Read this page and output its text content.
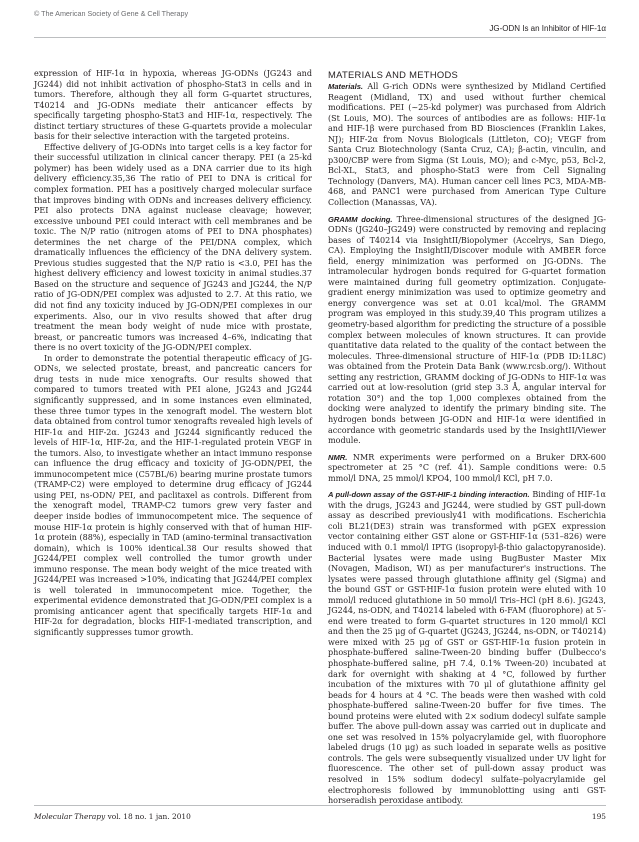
© The American Society of Gene & Cell Therapy
JG-ODN Is an Inhibitor of HIF-1α

expression of HIF-1α in hypoxia, whereas JG-ODNs (JG243 and JG244) did not inhibit activation of phospho-Stat3 in cells and in tumors. Therefore, although they all form G-quartet structures, T40214 and JG-ODNs mediate their anticancer effects by specifically targeting phospho-Stat3 and HIF-1α, respectively. The distinct tertiary structures of these G-quartets provide a molecular basis for their selective interaction with the targeted proteins.

Effective delivery of JG-ODNs into target cells is a key factor for their successful utilization in clinical cancer therapy. PEI (a 25-kd polymer) has been widely used as a DNA carrier due to its high delivery efficiency.35,36 The ratio of PEI to DNA is critical for complex formation. PEI has a positively charged molecular surface that improves binding with ODNs and increases delivery efficiency. PEI also protects DNA against nuclease cleavage; however, excessive unbound PEI could interact with cell membranes and be toxic. The N/P ratio (nitrogen atoms of PEI to DNA phosphates) determines the net charge of the PEI/DNA complex, which dramatically influences the efficiency of the DNA delivery system. Previous studies suggested that the N/P ratio is <3.0, PEI has the highest delivery efficiency and lowest toxicity in animal studies.37 Based on the structure and sequence of JG243 and JG244, the N/P ratio of JG-ODN/PEI complex was adjusted to 2.7. At this ratio, we did not find any toxicity induced by JG-ODN/PEI complexes in our experiments. Also, our in vivo results showed that after drug treatment the mean body weight of nude mice with prostate, breast, or pancreatic tumors was increased 4–6%, indicating that there is no overt toxicity of the JG-ODN/PEI complex.

In order to demonstrate the potential therapeutic efficacy of JG-ODNs, we selected prostate, breast, and pancreatic cancers for drug tests in nude mice xenografts. Our results showed that compared to tumors treated with PEI alone, JG243 and JG244 significantly suppressed, and in some instances even eliminated, these three tumor types in the xenograft model. The western blot data obtained from control tumor xenografts revealed high levels of HIF-1α and HIF-2α. JG243 and JG244 significantly reduced the levels of HIF-1α, HIF-2α, and the HIF-1-regulated protein VEGF in the tumors. Also, to investigate whether an intact immuno response can influence the drug efficacy and toxicity of JG-ODN/PEI, the immunocompetent mice (C57BL/6) bearing murine prostate tumors (TRAMP-C2) were employed to determine drug efficacy of JG244 using PEI, ns-ODN/ PEI, and paclitaxel as controls. Different from the xenograft model, TRAMP-C2 tumors grew very faster and deeper inside bodies of immunocompetent mice. The sequence of mouse HIF-1α protein is highly conserved with that of human HIF-1α protein (88%), especially in TAD (amino-terminal transactivation domain), which is 100% identical.38 Our results showed that JG244/PEI complex well controlled the tumor growth under immuno response. The mean body weight of the mice treated with JG244/PEI was increased >10%, indicating that JG244/PEI complex is well tolerated in immunocompetent mice. Together, the experimental evidence demonstrated that JG-ODN/PEI complex is a promising anticancer agent that specifically targets HIF-1α and HIF-2α for degradation, blocks HIF-1-mediated transcription, and significantly suppresses tumor growth.

MATERIALS AND METHODS

Materials. All G-rich ODNs were synthesized by Midland Certified Reagent (Midland, TX) and used without further chemical modifications. PEI (~25-kd polymer) was purchased from Aldrich (St Louis, MO). The sources of antibodies are as follows: HIF-1α and HIF-1β were purchased from BD Biosciences (Franklin Lakes, NJ); HIF-2α from Novus Biologicals (Littleton, CO); VEGF from Santa Cruz Biotechnology (Santa Cruz, CA); β-actin, vinculin, and p300/CBP were from Sigma (St Louis, MO); and c-Myc, p53, Bcl-2, Bcl-XL, Stat3, and phospho-Stat3 were from Cell Signaling Technology (Danvers, MA). Human cancer cell lines PC3, MDA-MB-468, and PANC1 were purchased from American Type Culture Collection (Manassas, VA).

GRAMM docking. Three-dimensional structures of the designed JG-ODNs (JG240–JG249) were constructed by removing and replacing bases of T40214 via InsightII/Biopolymer (Accelrys, San Diego, CA). Employing the InsightII/Discover module with AMBER force field, energy minimization was performed on JG-ODNs. The intramolecular hydrogen bonds required for G-quartet formation were maintained during full geometry optimization. Conjugate-gradient energy minimization was used to optimize geometry and energy convergence was set at 0.01 kcal/mol. The GRAMM program was employed in this study.39,40 This program utilizes a geometry-based algorithm for predicting the structure of a possible complex between molecules of known structures. It can provide quantitative data related to the quality of the contact between the molecules. Three-dimensional structure of HIF-1α (PDB ID:1L8C) was obtained from the Protein Data Bank (www.rcsb.org/). Without setting any restriction, GRAMM docking of JG-ODNs to HIF-1α was carried out at low-resolution (grid step 3.3 Å, angular interval for rotation 30°) and the top 1,000 complexes obtained from the docking were analyzed to identify the primary binding site. The hydrogen bonds between JG-ODN and HIF-1α were identified in accordance with geometric standards used by the InsightII/Viewer module.

NMR. NMR experiments were performed on a Bruker DRX-600 spectrometer at 25 °C (ref. 41). Sample conditions were: 0.5 mmol/l DNA, 25 mmol/l KPO4, 100 mmol/l KCl, pH 7.0.

A pull-down assay of the GST-HIF-1 binding interaction. Binding of HIF-1α with the drugs, JG243 and JG244, were studied by GST pull-down assay as described previously41 with modifications. Escherichia coli BL21(DE3) strain was transformed with pGEX expression vector containing either GST alone or GST-HIF-1α (531–826) were induced with 0.1 mmol/l IPTG (isopropyl-β-thio galactopyranoside). Bacterial lysates were made using BugBuster Master Mix (Novagen, Madison, WI) as per manufacturer's instructions. The lysates were passed through glutathione affinity gel (Sigma) and the bound GST or GST-HIF-1α fusion protein were eluted with 10 mmol/l reduced glutathione in 50 mmol/l Tris–HCl (pH 8.6). JG243, JG244, ns-ODN, and T40214 labeled with 6-FAM (fluorophore) at 5′-end were treated to form G-quartet structures in 120 mmol/l KCl and then the 25 μg of G-quartet (JG243, JG244, ns-ODN, or T40214) were mixed with 25 μg of GST or GST-HIF-1α fusion protein in phosphate-buffered saline-Tween-20 binding buffer (Dulbecco's phosphate-buffered saline, pH 7.4, 0.1% Tween-20) incubated at dark for overnight with shaking at 4 °C, followed by further incubation of the mixtures with 70 μl of glutathione affinity gel beads for 4 hours at 4 °C. The beads were then washed with cold phosphate-buffered saline-Tween-20 buffer for five times. The bound proteins were eluted with 2× sodium dodecyl sulfate sample buffer. The above pull-down assay was carried out in duplicate and one set was resolved in 15% polyacrylamide gel, with fluorophore labeled drugs (10 μg) as such loaded in separate wells as positive controls. The gels were subsequently visualized under UV light for fluorescence. The other set of pull-down assay product was resolved in 15% sodium dodecyl sulfate–polyacrylamide gel electrophoresis followed by immunoblotting using anti GST-horseradish peroxidase antibody.

Molecular Therapy vol. 18 no. 1 jan. 2010	195
